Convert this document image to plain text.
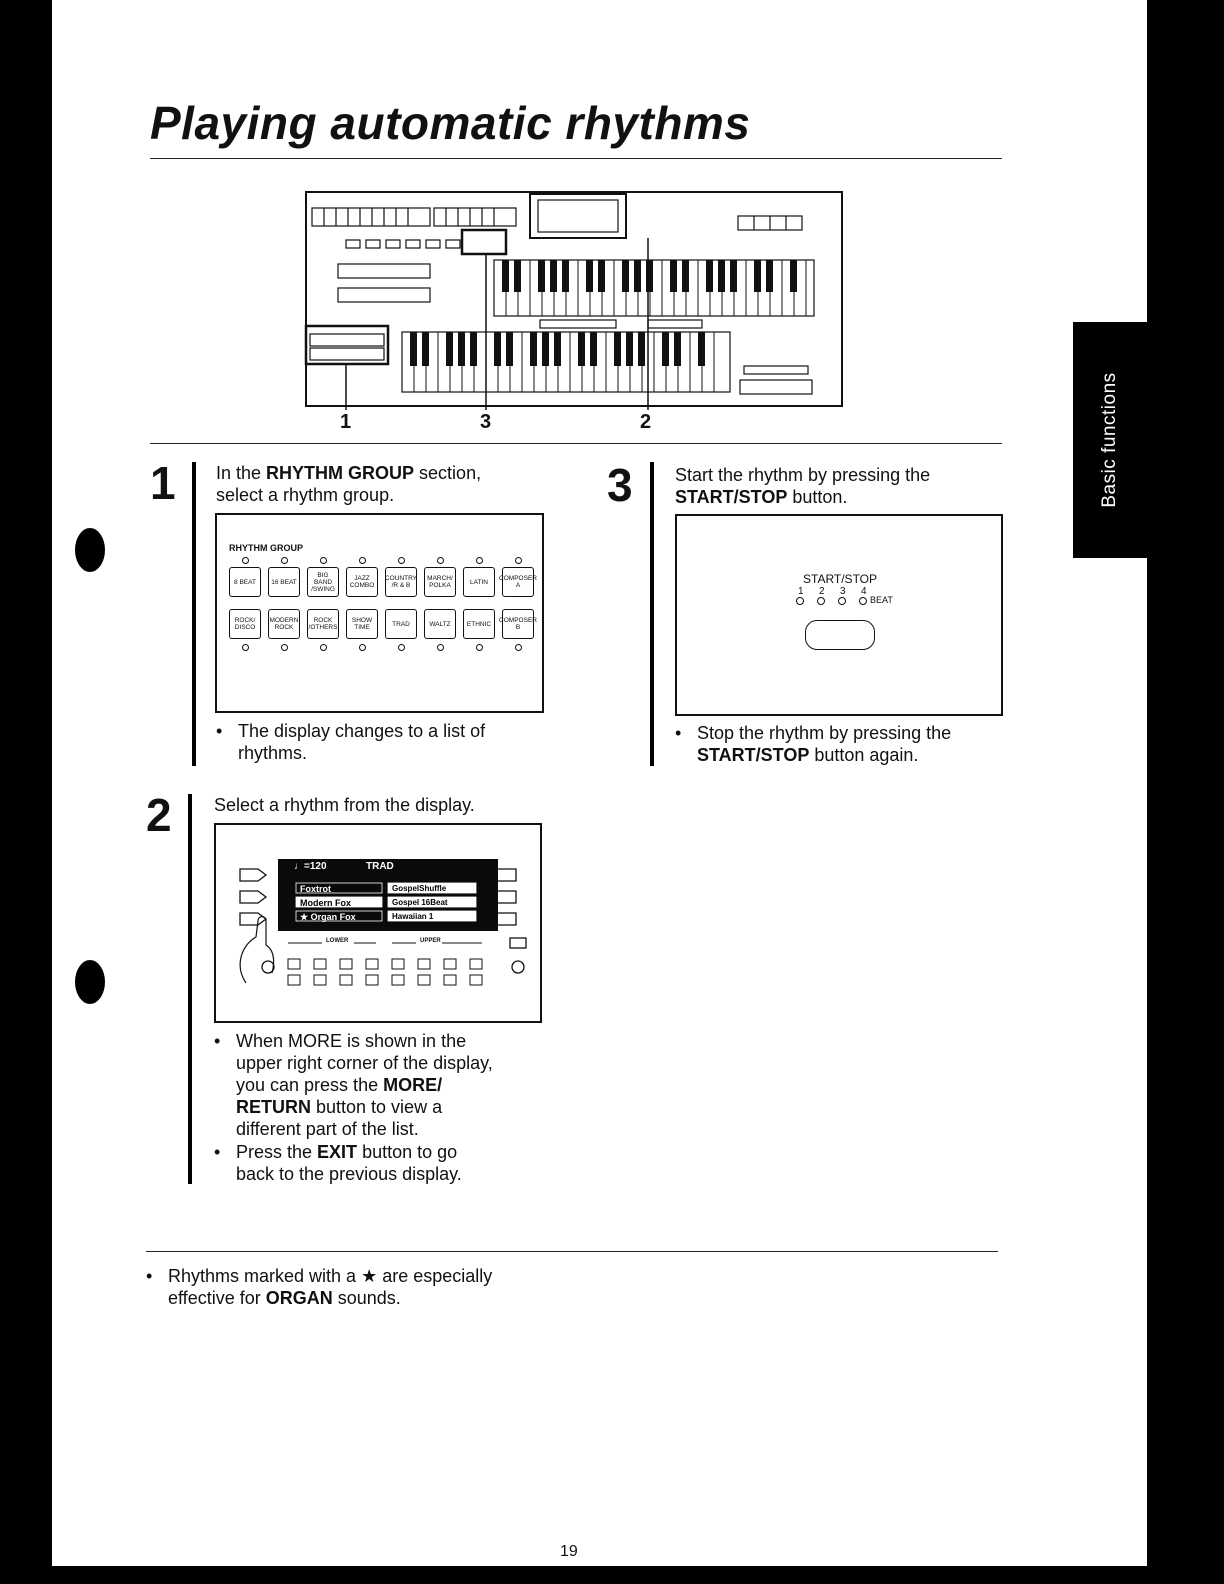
Basic functions
Playing automatic rhythms
1	3	2
1 In the RHYTHM GROUP section,
select a rhythm group.
RHYTHM GROUP
8 BEAT 16 BEAT
BIG BAND
/SWING
JAZZ
COMBO
COUNTRY
/R & B
MARCH/
POLKA	LATIN COMPOSER
A
ROCK/
DISCO
MODERN
ROCK
ROCK
/OTHERS
SHOW
TIME	TRAD	WALTZ ETHNIC COMPOSER
B
• The display changes to a list of
rhythms.
2 Select a rhythm from the display.
♩=120	TRAD
Foxtrot
Modern Fox
★ Organ Fox
GospelShuffle
Gospel 16Beat
Hawaiian 1
LOWER	UPPER
• When MORE is shown in the
upper right corner of the display,
you can press the MORE/
RETURN button to view a
different part of the list.
• Press the EXIT button to go
back to the previous display.
3 Start the rhythm by pressing the
START/STOP button.
START/STOP
1 2 3 4
BEAT
• Stop the rhythm by pressing the
START/STOP button again.
• Rhythms marked with a ★ are especially
effective for ORGAN sounds.
19
